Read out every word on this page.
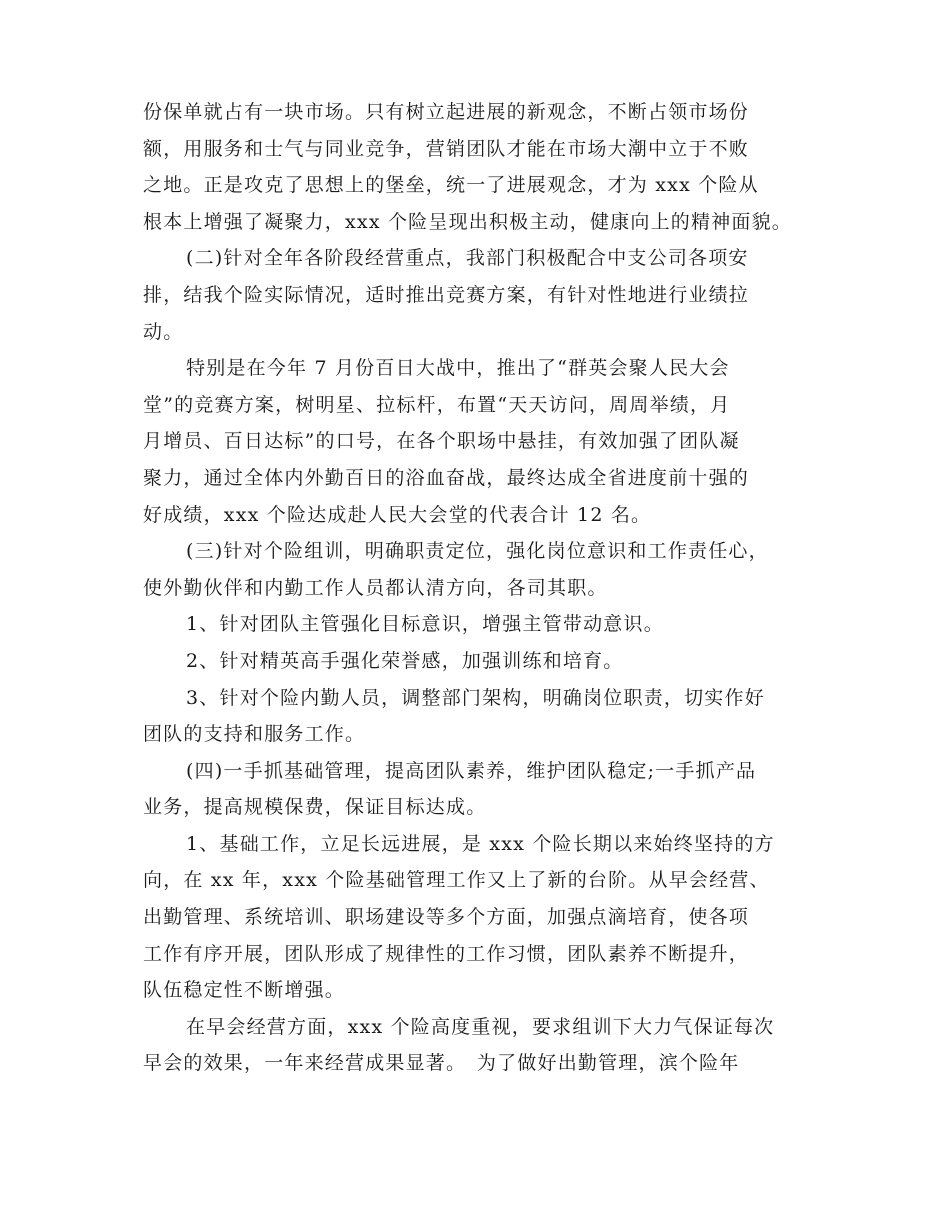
份保单就占有一块市场。只有树立起进展的新观念，不断占领市场份
额，用服务和士气与同业竞争，营销团队才能在市场大潮中立于不败
之地。正是攻克了思想上的堡垒，统一了进展观念，才为 xxx 个险从
根本上增强了凝聚力，xxx 个险呈现出积极主动，健康向上的精神面貌。
(二)针对全年各阶段经营重点，我部门积极配合中支公司各项安
排，结我个险实际情况，适时推出竞赛方案，有针对性地进行业绩拉
动。
特别是在今年 7 月份百日大战中，推出了“群英会聚人民大会
堂”的竞赛方案，树明星、拉标杆，布置“天天访问，周周举绩，月
月增员、百日达标”的口号，在各个职场中悬挂，有效加强了团队凝
聚力，通过全体内外勤百日的浴血奋战，最终达成全省进度前十强的
好成绩，xxx 个险达成赴人民大会堂的代表合计 12 名。
(三)针对个险组训，明确职责定位，强化岗位意识和工作责任心，
使外勤伙伴和内勤工作人员都认清方向，各司其职。
1、针对团队主管强化目标意识，增强主管带动意识。
2、针对精英高手强化荣誉感，加强训练和培育。
3、针对个险内勤人员，调整部门架构，明确岗位职责，切实作好
团队的支持和服务工作。
(四)一手抓基础管理，提高团队素养，维护团队稳定;一手抓产品
业务，提高规模保费，保证目标达成。
1、基础工作，立足长远进展，是 xxx 个险长期以来始终坚持的方
向，在 xx 年，xxx 个险基础管理工作又上了新的台阶。从早会经营、
出勤管理、系统培训、职场建设等多个方面，加强点滴培育，使各项
工作有序开展，团队形成了规律性的工作习惯，团队素养不断提升，
队伍稳定性不断增强。
在早会经营方面，xxx 个险高度重视，要求组训下大力气保证每次
早会的效果，一年来经营成果显著。　为了做好出勤管理，滨个险年
